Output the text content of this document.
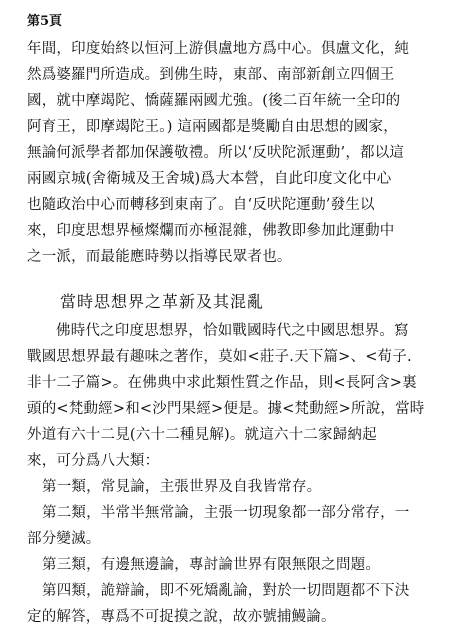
第5頁
年間，印度始終以恒河上游俱盧地方爲中心。俱盧文化，純
然爲婆羅門所造成。到佛生時，東部、南部新創立四個王
國，就中摩竭陀、憍薩羅兩國尤強。(後二百年統一全印的
阿育王，即摩竭陀王。) 這兩國都是獎勵自由思想的國家，
無論何派學者都加保護敬禮。所以‘反吠陀派運動’，都以這
兩國京城(舍衛城及王舍城)爲大本營，自此印度文化中心
也隨政治中心而轉移到東南了。自‘反吠陀運動’發生以
來，印度思想界極燦爛而亦極混雜，佛教即參加此運動中
之一派，而最能應時勢以指導民眾者也。
當時思想界之革新及其混亂
佛時代之印度思想界，恰如戰國時代之中國思想界。寫
戰國思想界最有趣味之著作，莫如<莊子.天下篇>、<荀子.
非十二子篇>。在佛典中求此類性質之作品，則<長阿含>裏
頭的<梵動經>和<沙門果經>便是。據<梵動經>所說，當時
外道有六十二見(六十二種見解)。就這六十二家歸納起
來，可分爲八大類：
第一類，常見論，主張世界及自我皆常存。
第二類，半常半無常論，主張一切現象都一部分常存，一
部分變滅。
第三類，有邊無邊論，專討論世界有限無限之問題。
第四類，詭辯論，即不死矯亂論，對於一切問題都不下決
定的解答，專爲不可捉摸之說，故亦號捕鰻論。
